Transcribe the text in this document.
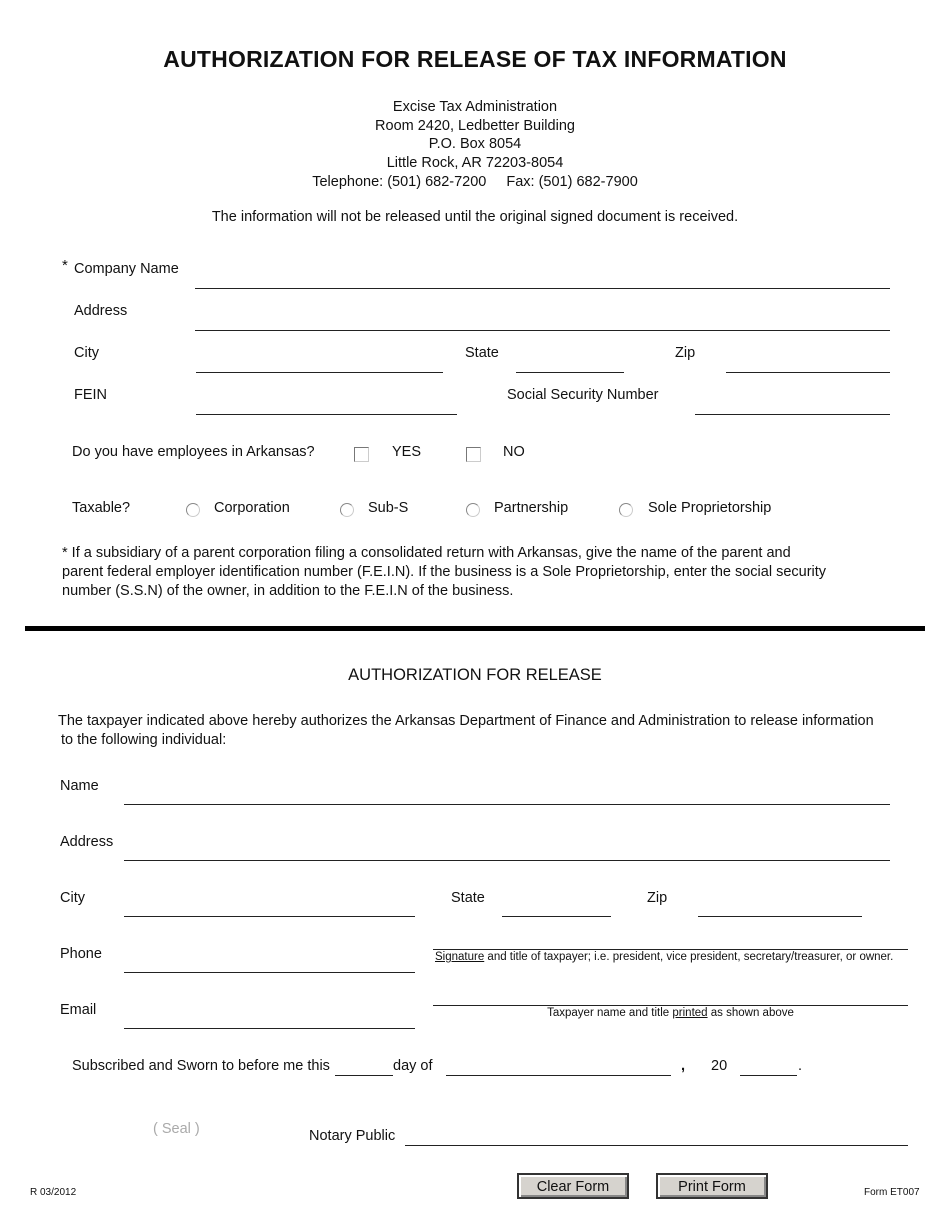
AUTHORIZATION FOR RELEASE OF TAX INFORMATION
Excise Tax Administration
Room 2420, Ledbetter Building
P.O. Box 8054
Little Rock, AR 72203-8054
Telephone: (501) 682-7200 Fax: (501) 682-7900
The information will not be released until the original signed document is received.
* Company Name
Address
City	State	Zip
FEIN	Social Security Number
Do you have employees in Arkansas?	YES	NO
Taxable?	Corporation	Sub-S	Partnership	Sole Proprietorship
* If a subsidiary of a parent corporation filing a consolidated return with Arkansas, give the name of the parent and
parent federal employer identification number (F.E.I.N). If the business is a Sole Proprietorship, enter the social security
number (S.S.N) of the owner, in addition to the F.E.I.N of the business.
AUTHORIZATION FOR RELEASE
The taxpayer indicated above hereby authorizes the Arkansas Department of Finance and Administration to release information
to the following individual:
Name
Address
City	State	Zip
Phone	Signature and title of taxpayer; i.e. president, vice president, secretary/treasurer, or owner.
Email	Taxpayer name and title printed as shown above
Subscribed and Sworn to before me this	day of	, 20	.
( Seal )	Notary Public
R 03/2012	Clear Form	Print Form	Form ET007
